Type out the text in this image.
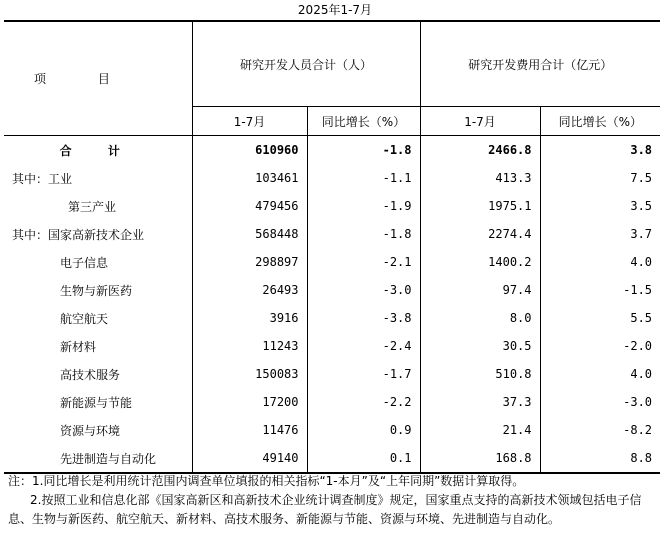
2025年1-7月
项 目	研究开发人员合计（人）		研究开发费用合计（亿元）	
	1-7月	同比增长（%）	1-7月	同比增长（%）
合 计	610960	-1.8	2466.8	3.8
其中：工业	103461	-1.1	413.3	7.5
第三产业	479456	-1.9	1975.1	3.5
其中：国家高新技术企业	568448	-1.8	2274.4	3.7
电子信息	298897	-2.1	1400.2	4.0
生物与新医药	26493	-3.0	97.4	-1.5
航空航天	3916	-3.8	8.0	5.5
新材料	11243	-2.4	30.5	-2.0
高技术服务	150083	-1.7	510.8	4.0
新能源与节能	17200	-2.2	37.3	-3.0
资源与环境	11476	0.9	21.4	-8.2
先进制造与自动化	49140	0.1	168.8	8.8

注：1.同比增长是利用统计范围内调查单位填报的相关指标“1-本月”及“上年同期”数据计算取得。

2.按照工业和信息化部《国家高新区和高新技术企业统计调查制度》规定，国家重点支持的高新技术领域包括电子信息、生物与新医药、航空航天、新材料、高技术服务、新能源与节能、资源与环境、先进制造与自动化。
